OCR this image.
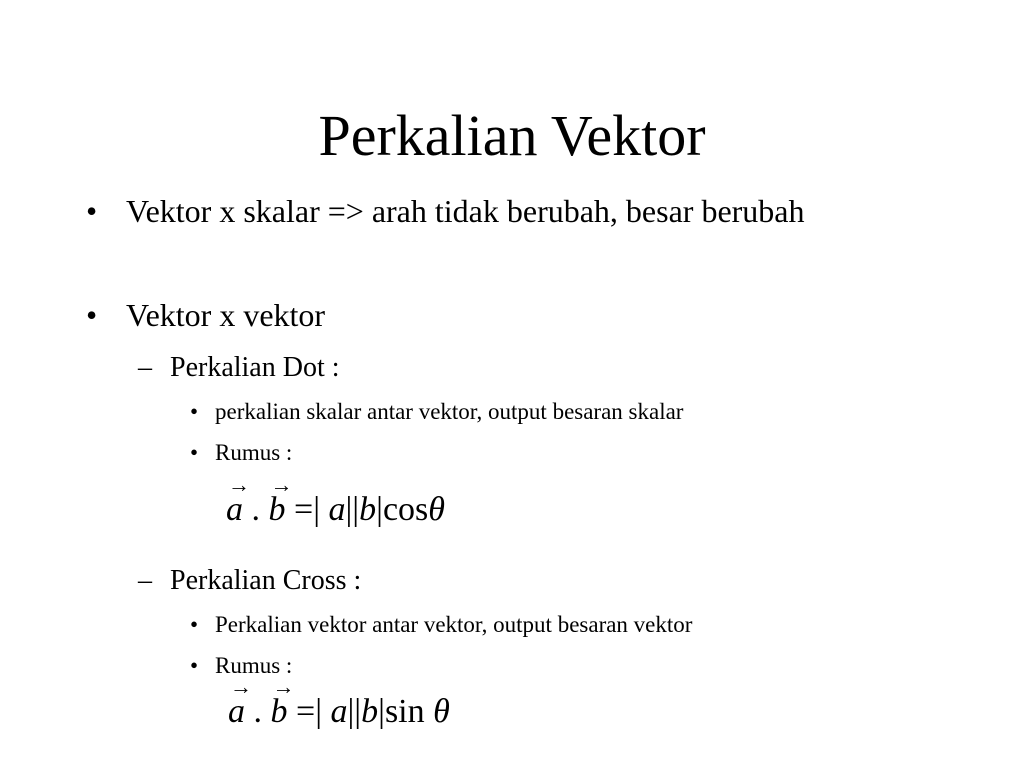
Perkalian Vektor
• Vektor x skalar => arah tidak berubah, besar berubah
• Vektor x vektor
– Perkalian Dot :
• perkalian skalar antar vektor, output besaran skalar
• Rumus :
→
a .
→
b =| a||b|cosθ
– Perkalian Cross :
• Perkalian vektor antar vektor, output besaran vektor
• Rumus :
→
a .
→
b =| a||b|sin θ
